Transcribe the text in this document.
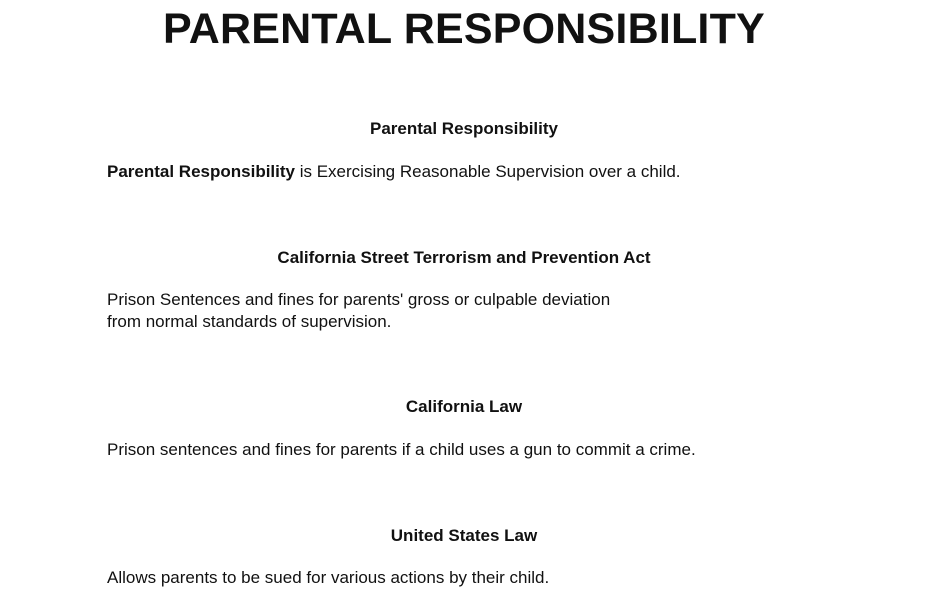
PARENTAL RESPONSIBILITY
Parental Responsibility

Parental Responsibility is Exercising Reasonable Supervision over a child.

California Street Terrorism and Prevention Act

Prison Sentences and fines for parents' gross or culpable deviation
from normal standards of supervision.

California Law

Prison sentences and fines for parents if a child uses a gun to commit a crime.

United States Law

Allows parents to be sued for various actions by their child.
